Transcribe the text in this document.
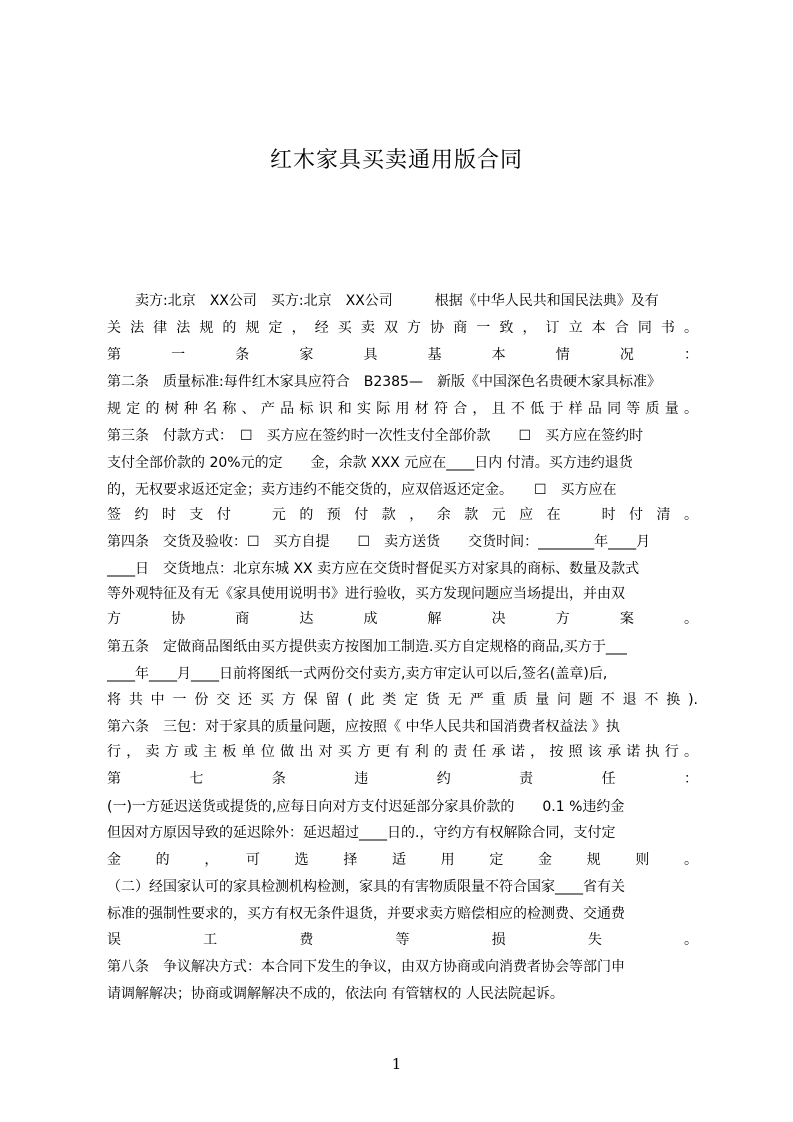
红木家具买卖通用版合同
　　卖方:北京　XX公司　买方:北京　XX公司　　　根据《中华人民共和国民法典》及有
关法律法规的规定，经买卖双方协商一致，订立本合同书。
第　一　条　家　具　基　本　情　况　：
第二条　质量标准:每件红木家具应符合　B2385—　新版《中国深色名贵硬木家具标准》
规定的树种名称、产品标识和实际用材符合，且不低于样品同等质量。
第三条　付款方式：　☐　买方应在签约时一次性支付全部价款　　☐　买方应在签约时
支付全部价款的 20%元的定　　金，余款 XXX 元应在____日内 付清。买方违约退货
的，无权要求返还定金；卖方违约不能交货的，应双倍返还定金。　　☐　买方应在
签约时支付　元的预付款，余款元应在　时付清。
第四条　交货及验收：☐　买方自提　　☐　卖方送货　　交货时间：________年____月
____日　交货地点：北京东城 XX 卖方应在交货时督促买方对家具的商标、数量及款式
等外观特征及有无《家具使用说明书》进行验收，买方发现问题应当场提出，并由双
方　协　商　达　成　解　决　方　案　。
第五条　定做商品图纸由买方提供卖方按图加工制造.买方自定规格的商品,买方于___
____年____月____日前将图纸一式两份交付卖方,卖方审定认可以后,签名(盖章)后,
将共中一份交还买方保留(此类定货无严重质量问题不退不换).
第六条　三包：对于家具的质量问题，应按照《 中华人民共和国消费者权益法 》执
行，卖方或主板单位做出对买方更有利的责任承诺，按照该承诺执行。
第　七　条　违　约　责　任　：
(一)一方延迟送货或提货的,应每日向对方支付迟延部分家具价款的　　0.1 %违约金
但因对方原因导致的延迟除外：延迟超过____日的.，守约方有权解除合同，支付定
金　的　，　可　选　择　适　用　定　金　规　则　。
（二）经国家认可的家具检测机构检测，家具的有害物质限量不符合国家____省有关
标准的强制性要求的，买方有权无条件退货，并要求卖方赔偿相应的检测费、交通费
误　工　费　等　损　失　。
第八条　争议解决方式：本合同下发生的争议，由双方协商或向消费者协会等部门申
请调解解决；协商或调解解决不成的，依法向 有管辖权的 人民法院起诉。
1
